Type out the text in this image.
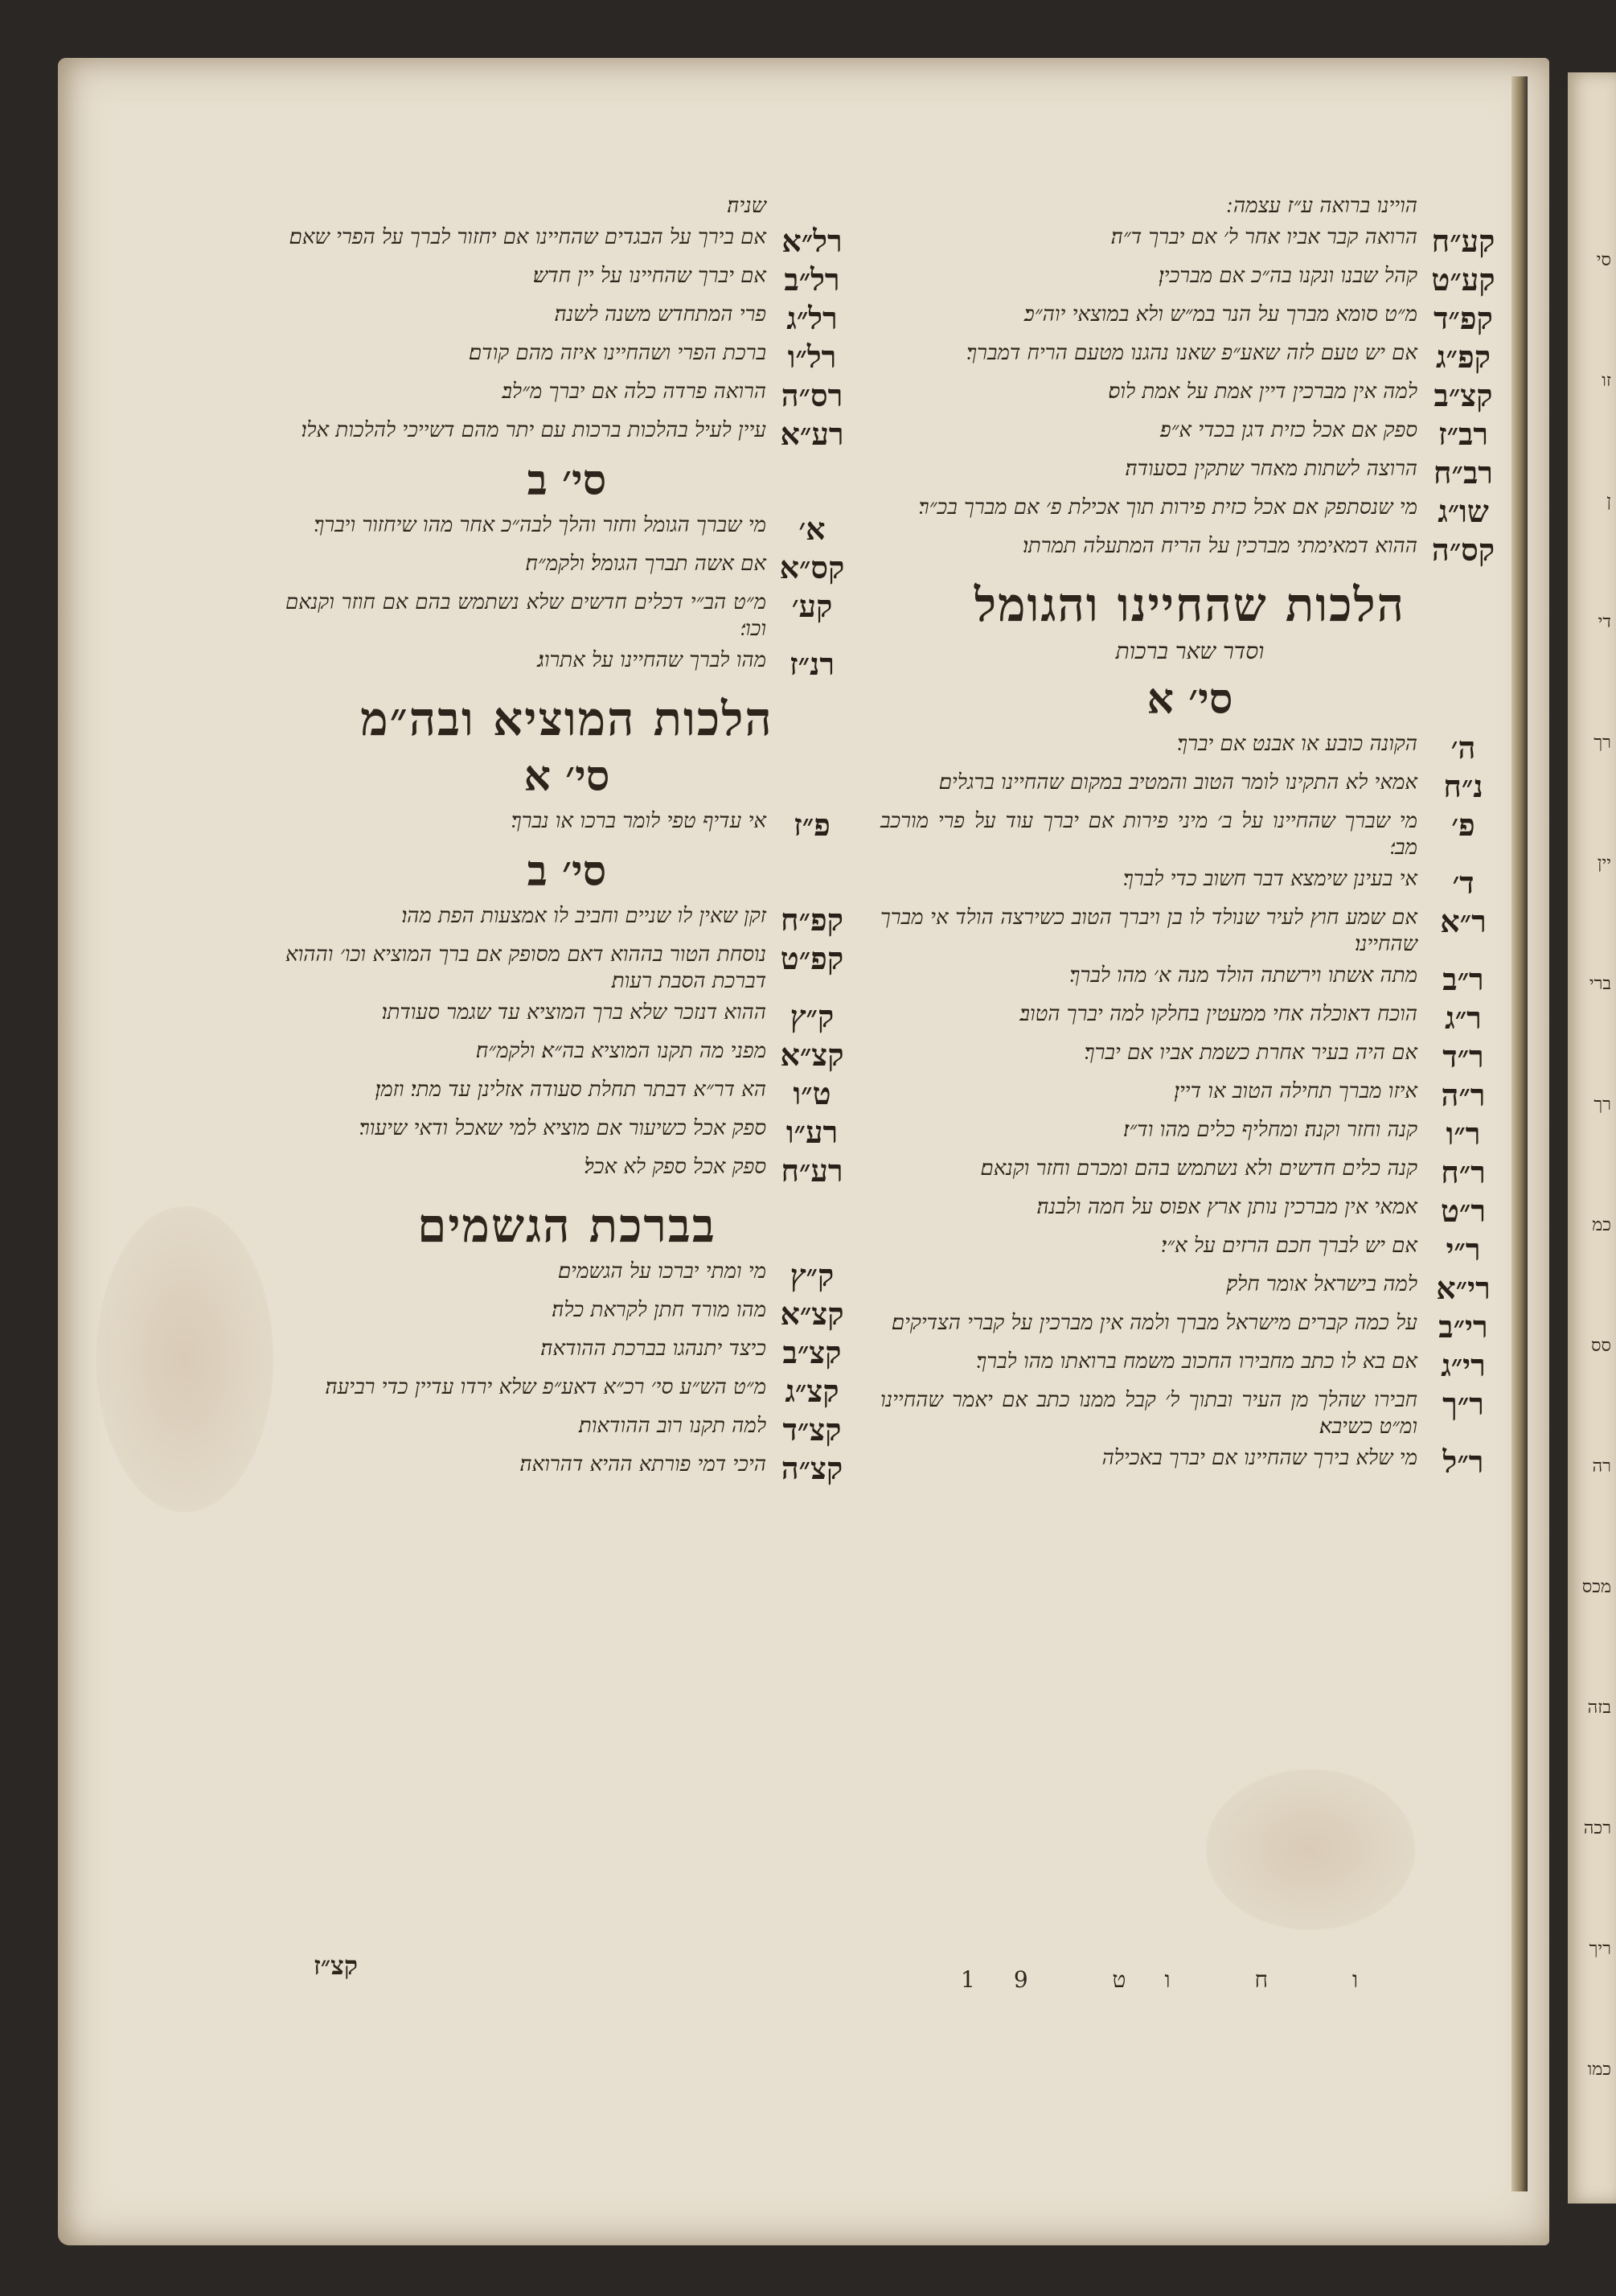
סי
זו
ן
די
רך
יין
ברי
רך
כמ
סס
רה
מכס
בזה
רכה
ריך
כמו
הויינו ברואה ע״ז עצמה ׃
קע״ח
הרואה קבר אביו אחר ל׳ אם יברך ד״ה׃
קע״ט
קהל שבנו ונקנו בה״כ אם מברכין׃
קפ״ד
מ״ט סומא מברך על הנר במ״ש ולא במוצאי יוה״כ׃
קפ״ג
אם יש טעם לזה שאע״פ שאנו נהגנו מטעם הריח דמברך׃
קצ״ב
למה אין מברכין דיין אמת על אמת לוס׃
רב״ז
ספק אם אכל כזית דגן בכדי א״פ׃
רב״ח
הרוצה לשתות מאחר שתקין בסעודה׃
שו״ג
מי שנסתפק אם אכל כזית פירות תוך אכילת פ׳ אם מברך בכ״ר׃
קס״ה
ההוא דמאימתי מברכין על הריח המתעלה תמרתו׃
הלכות שהחיינו והגומל
וסדר שאר ברכות
סי׳ א
ה׳
הקונה כובע או אבנט אם יברך׃
נ״ח
אמאי לא התקינו לומר הטוב והמטיב במקום שהחיינו ברגלים׃
פ׳
מי שברך שהחיינו על ב׳ מיני פירות אם יברך עוד על פרי מורכב מב׳׃
ד׳
אי בעינן שימצא דבר חשוב כדי לברך׃
ר״א
אם שמע חוץ לעיר שנולד לו בן ויברך הטוב כשירצה הולד אי מברך שהחיינו׃
ר״ב
מתה אשתו וירשתה הולד מנה א׳ מהו לברך׃
ר״ג
הוכח דאוכלה אחי ממעטין בחלקו למה יברך הטוב׃
ר״ד
אם היה בעיר אחרת כשמת אביו אם יברך׃
ר״ה
איזו מברך תחילה הטוב או דיין׃
ר״ו
קנה וחזר וקנה׃ ומחליף כלים מהו וד״ז׃
ר״ח
קנה כלים חדשים ולא נשתמש בהם ומכרם וחזר וקנאם׃
ר״ט
אמאי אין מברכין נותן ארץ אפוס על חמה ולבנה׃
ר״י
אם יש לברך חכם הרזים על א״י׃
רי״א
למה בישראל אומר חלק׃
רי״ב
על כמה קברים מישראל מברך ולמה אין מברכין על קברי הצדיקים׃
רי״ג
אם בא לו כתב מחבירו החכוב משמח ברואתו מהו לברך׃
ר״ך
חבירו שהלך מן העיר ובתוך ל׳ קבל ממנו כתב אם יאמר שהחיינו ומ״ט כשיבא׃
ר״ל
מי שלא בירך שהחיינו אם יברך באכילה
שניה׃
רל״א
אם בירך על הבגדים שהחיינו אם יחזור לברך על הפרי שאם׃
רל״ב
אם יברך שהחיינו על יין חדש׃
רל״ג
פרי המתחדש משנה לשנה׃
רל״ו
ברכת הפרי ושהחיינו איזה מהם קודם׃
רס״ה
הרואה פרדה כלה אם יברך מ״לב׃
רע״א
עיין לעיל בהלכות ברכות עם יתר מהם דשייכי להלכות אלו׃
סי׳ ב
א׳
מי שברך הגומל וחזר והלך לבה״כ אחר מהו שיחזור ויברך׃
קס״א
אם אשה תברך הגומל׃ ולקמ״ח׃
קע׳
מ״ט הב״י דכלים חדשים שלא נשתמש בהם אם חוזר וקנאם וכו׳׃
רנ״ז
מהו לברך שהחיינו על אתרוג׃
הלכות המוציא ובה״מ
סי׳ א
פ״ז
אי עדיף טפי לומר ברכו או נברך׃
סי׳ ב
קפ״ח
זקן שאין לו שניים וחביב לו אמצעות הפת מהו׃
קפ״ט
נוסחת הטור בההוא דאם מסופק אם ברך המוציא וכו׳ וההוא דברכת הסבת רעות׃
ק״ץ
ההוא דנזכר שלא ברך המוציא עד שגמר סעודתו׃
קצ״א
מפני מה תקנו המוציא בה״א׃ ולקמ״ח׃
ט״ו
הא דר״א דבתר תחלת סעודה אזלינן עד מתי׃ וזמן׃
רע״ו
ספק אכל כשיעור אם מוציא למי שאכל ודאי שיעור׃
רע״ח
ספק אכל ספק לא אכל׃
בברכת הגשמים
ק״ץ
מי ומתי יברכו על הגשמים׃
קצ״א
מהו מורד חתן לקראת כלה׃
קצ״ב
כיצד יתנהגו בברכת ההודאה׃
קצ״ג
מ״ט הש״ע סי׳ רכ״א דאע״פ שלא ירדו עדיין כדי רביעה׃
קצ״ד
למה תקנו רוב ההודאות׃
קצ״ה
היכי דמי פורתא ההיא דהרואה׃
19 ו ח וט
קצ״ז
